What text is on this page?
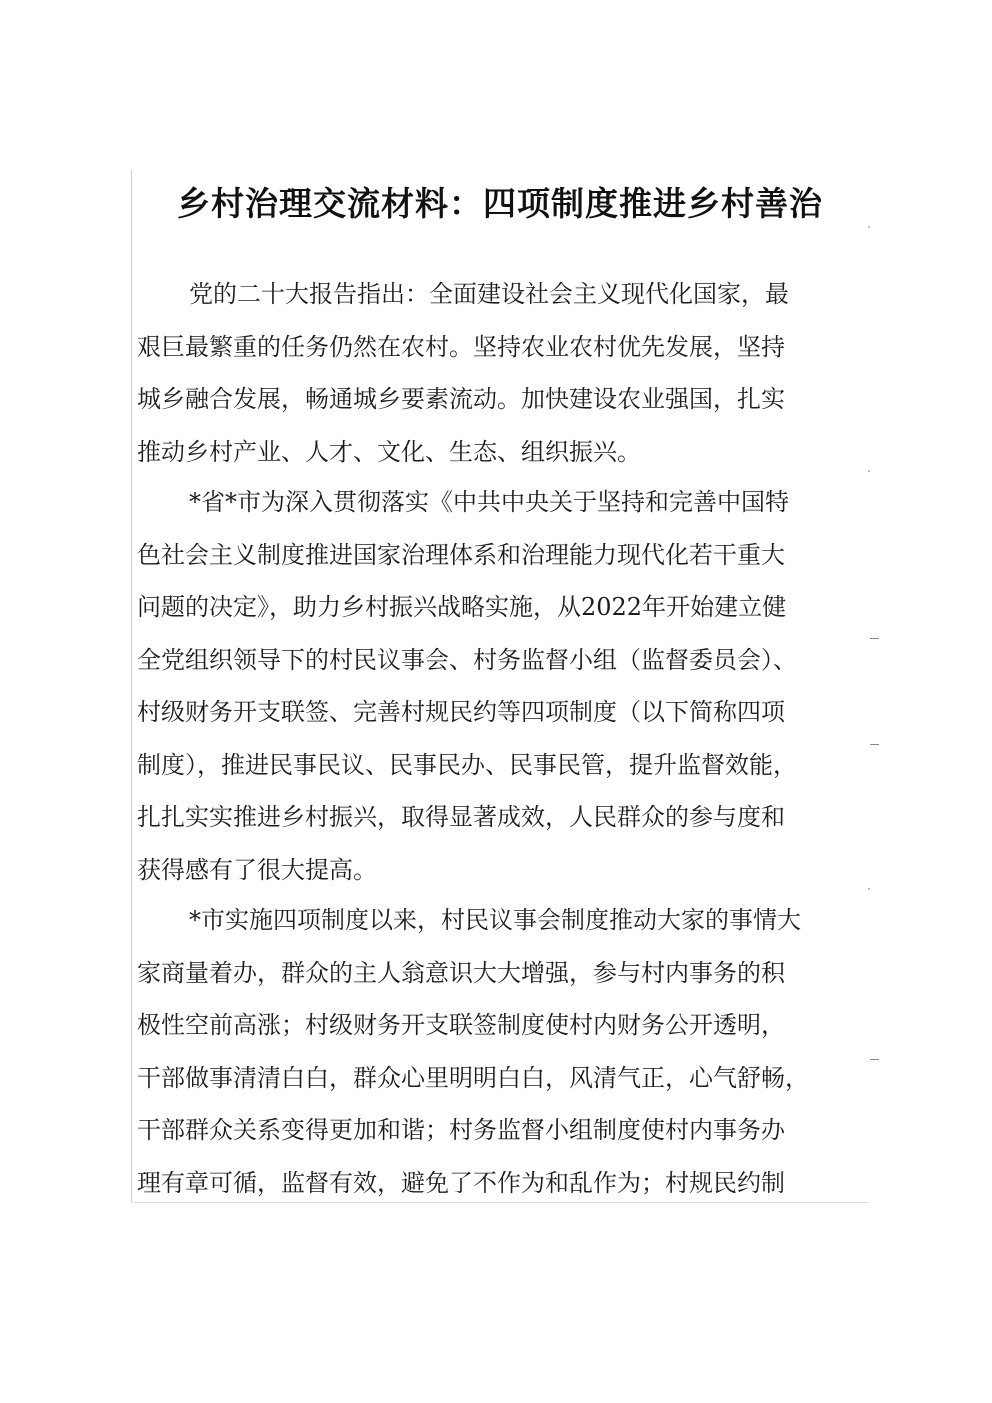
乡村治理交流材料：四项制度推进乡村善治
党的二十大报告指出：全面建设社会主义现代化国家，最
艰巨最繁重的任务仍然在农村。坚持农业农村优先发展，坚持
城乡融合发展，畅通城乡要素流动。加快建设农业强国，扎实
推动乡村产业、人才、文化、生态、组织振兴。
*省*市为深入贯彻落实《中共中央关于坚持和完善中国特
色社会主义制度推进国家治理体系和治理能力现代化若干重大
问题的决定》，助力乡村振兴战略实施，从2022年开始建立健
全党组织领导下的村民议事会、村务监督小组（监督委员会）、
村级财务开支联签、完善村规民约等四项制度（以下简称四项
制度），推进民事民议、民事民办、民事民管，提升监督效能，
扎扎实实推进乡村振兴，取得显著成效，人民群众的参与度和
获得感有了很大提高。
*市实施四项制度以来，村民议事会制度推动大家的事情大
家商量着办，群众的主人翁意识大大增强，参与村内事务的积
极性空前高涨；村级财务开支联签制度使村内财务公开透明，
干部做事清清白白，群众心里明明白白，风清气正，心气舒畅，
干部群众关系变得更加和谐；村务监督小组制度使村内事务办
理有章可循，监督有效，避免了不作为和乱作为；村规民约制
